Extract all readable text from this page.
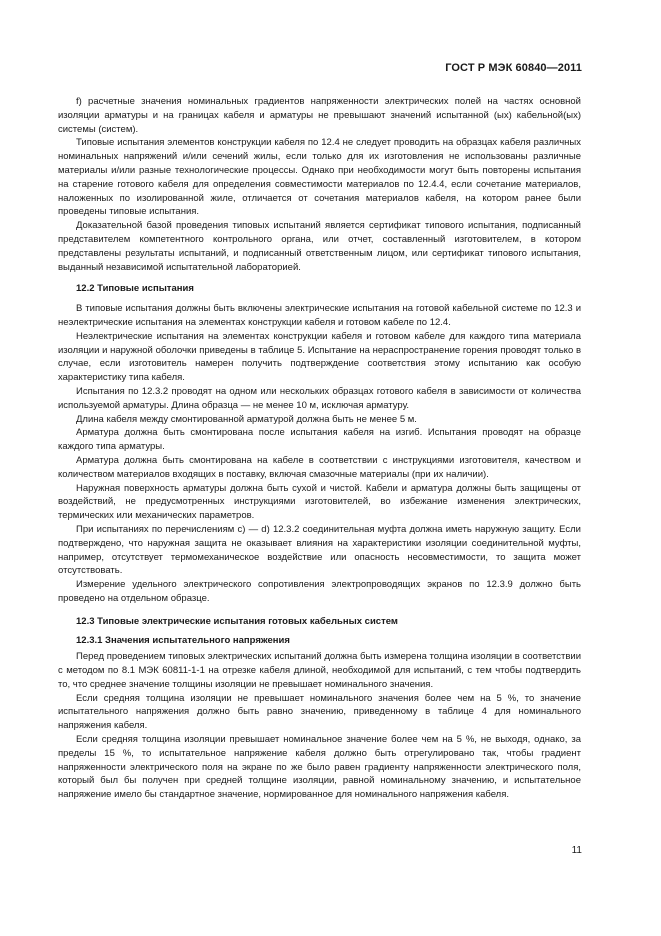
ГОСТ Р МЭК 60840—2011

f) расчетные значения номинальных градиентов напряженности электрических полей на частях основной изоляции арматуры и на границах кабеля и арматуры не превышают значений испытанной (ых) кабельной(ых) системы (систем).

Типовые испытания элементов конструкции кабеля по 12.4 не следует проводить на образцах кабеля различных номинальных напряжений и/или сечений жилы, если только для их изготовления не использованы различные материалы и/или разные технологические процессы. Однако при необходимости могут быть повторены испытания на старение готового кабеля для определения совместимости материалов по 12.4.4, если сочетание материалов, наложенных по изолированной жиле, отличается от сочетания материалов кабеля, на котором ранее были проведены типовые испытания.

Доказательной базой проведения типовых испытаний является сертификат типового испытания, подписанный представителем компетентного контрольного органа, или отчет, составленный изготовителем, в котором представлены результаты испытаний, и подписанный ответственным лицом, или сертификат типового испытания, выданный независимой испытательной лабораторией.

12.2 Типовые испытания

В типовые испытания должны быть включены электрические испытания на готовой кабельной системе по 12.3 и неэлектрические испытания на элементах конструкции кабеля и готовом кабеле по 12.4.

Неэлектрические испытания на элементах конструкции кабеля и готовом кабеле для каждого типа материала изоляции и наружной оболочки приведены в таблице 5. Испытание на нераспространение горения проводят только в случае, если изготовитель намерен получить подтверждение соответствия этому испытанию как особую характеристику типа кабеля.

Испытания по 12.3.2 проводят на одном или нескольких образцах готового кабеля в зависимости от количества используемой арматуры. Длина образца — не менее 10 м, исключая арматуру.

Длина кабеля между смонтированной арматурой должна быть не менее 5 м.

Арматура должна быть смонтирована после испытания кабеля на изгиб. Испытания проводят на образце каждого типа арматуры.

Арматура должна быть смонтирована на кабеле в соответствии с инструкциями изготовителя, качеством и количеством материалов входящих в поставку, включая смазочные материалы (при их наличии).

Наружная поверхность арматуры должна быть сухой и чистой. Кабели и арматура должны быть защищены от воздействий, не предусмотренных инструкциями изготовителей, во избежание изменения электрических, термических или механических параметров.

При испытаниях по перечислениям с) — d) 12.3.2 соединительная муфта должна иметь наружную защиту. Если подтверждено, что наружная защита не оказывает влияния на характеристики изоляции соединительной муфты, например, отсутствует термомеханическое воздействие или опасность несовместимости, то защита может отсутствовать.

Измерение удельного электрического сопротивления электропроводящих экранов по 12.3.9 должно быть проведено на отдельном образце.

12.3 Типовые электрические испытания готовых кабельных систем
12.3.1 Значения испытательного напряжения

Перед проведением типовых электрических испытаний должна быть измерена толщина изоляции в соответствии с методом по 8.1 МЭК 60811-1-1 на отрезке кабеля длиной, необходимой для испытаний, с тем чтобы подтвердить то, что среднее значение толщины изоляции не превышает номинального значения.

Если средняя толщина изоляции не превышает номинального значения более чем на 5 %, то значение испытательного напряжения должно быть равно значению, приведенному в таблице 4 для номинального напряжения кабеля.

Если средняя толщина изоляции превышает номинальное значение более чем на 5 %, не выходя, однако, за пределы 15 %, то испытательное напряжение кабеля должно быть отрегулировано так, чтобы градиент напряженности электрического поля на экране по же было равен градиенту напряженности электрического поля, который был бы получен при средней толщине изоляции, равной номинальному значению, и испытательное напряжение имело бы стандартное значение, нормированное для номинального напряжения кабеля.

11
